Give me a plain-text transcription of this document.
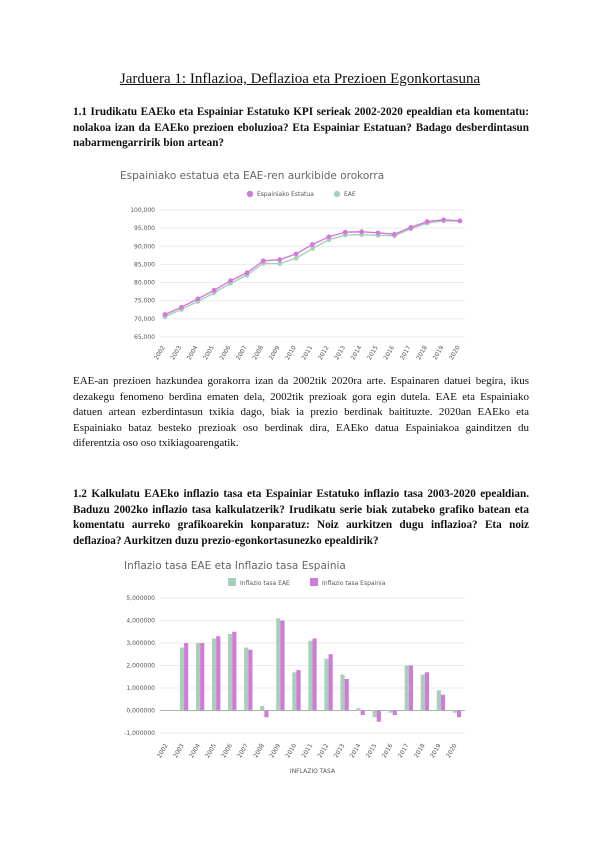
Jarduera 1: Inflazioa, Deflazioa eta Prezioen Egonkortasuna
1.1 Irudikatu EAEko eta Espainiar Estatuko KPI serieak 2002-2020 epealdian eta komentatu: nolakoa izan da EAEko prezioen eboluzioa? Eta Espainiar Estatuan? Badago desberdintasun nabarmengarririk bion artean?
Espainiako estatua eta EAE-ren aurkibide orokorra
Espainiako Estatua	EAE
100,000
95,000
90,000
85,000
80,000
75,000
70,000
65,000
2002 2003 2004 2005 2006 2007 2008 2009 2010 2011 2012 2013 2014 2015 2016 2017 2018 2019 2020
EAE-an prezioen hazkundea gorakorra izan da 2002tik 2020ra arte. Espainaren datuei begira, ikus dezakegu fenomeno berdina ematen dela, 2002tik prezioak gora egin dutela. EAE eta Espainiako datuen artean ezberdintasun txikia dago, biak ia prezio berdinak baitituzte. 2020an EAEko eta Espainiako bataz besteko prezioak oso berdinak dira, EAEko datua Espainiakoa gainditzen du diferentzia oso oso txikiagoarengatik.
1.2 Kalkulatu EAEko inflazio tasa eta Espainiar Estatuko inflazio tasa 2003-2020 epealdian. Baduzu 2002ko inflazio tasa kalkulatzerik? Irudikatu serie biak zutabeko grafiko batean eta komentatu aurreko grafikoarekin konparatuz: Noiz aurkitzen dugu inflazioa? Eta noiz deflazioa? Aurkitzen duzu prezio-egonkortasunezko epealdirik?
Inflazio tasa EAE eta Inflazio tasa Espainia
Inflazio tasa EAE	Inflazio tasa Espainia
5,000000
4,000000
3,000000
2,000000
1,000000
0,000000
-1,000000
2002 2003 2004 2005 2006 2007 2008 2009 2010 2011 2012 2013 2014 2015 2016 2017 2018 2019 2020
INFLAZIO TASA
